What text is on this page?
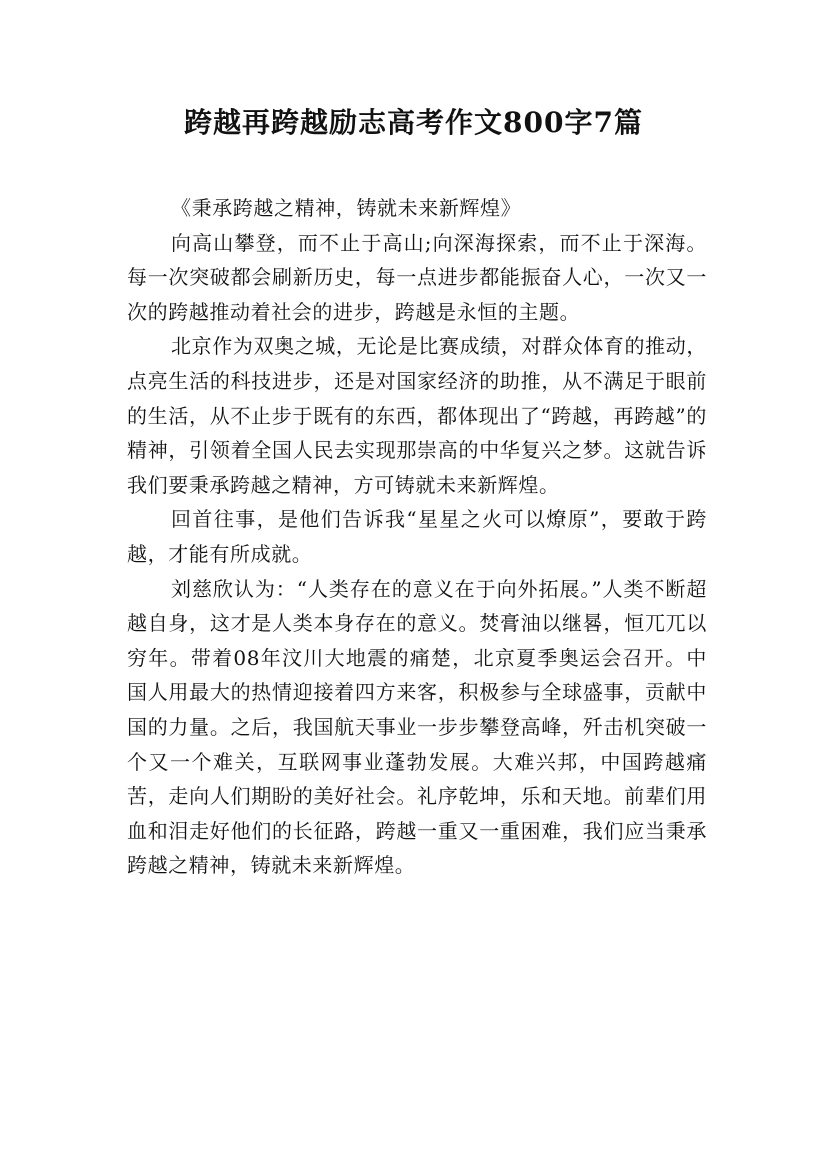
跨越再跨越励志高考作文800字7篇

《秉承跨越之精神，铸就未来新辉煌》

向高山攀登，而不止于高山;向深海探索，而不止于深海。每一次突破都会刷新历史，每一点进步都能振奋人心，一次又一次的跨越推动着社会的进步，跨越是永恒的主题。

北京作为双奥之城，无论是比赛成绩，对群众体育的推动，点亮生活的科技进步，还是对国家经济的助推，从不满足于眼前的生活，从不止步于既有的东西，都体现出了“跨越，再跨越”的精神，引领着全国人民去实现那崇高的中华复兴之梦。这就告诉我们要秉承跨越之精神，方可铸就未来新辉煌。

回首往事，是他们告诉我“星星之火可以燎原”，要敢于跨越，才能有所成就。

刘慈欣认为：“人类存在的意义在于向外拓展。”人类不断超越自身，这才是人类本身存在的意义。焚膏油以继晷，恒兀兀以穷年。带着08年汶川大地震的痛楚，北京夏季奥运会召开。中国人用最大的热情迎接着四方来客，积极参与全球盛事，贡献中国的力量。之后，我国航天事业一步步攀登高峰，歼击机突破一个又一个难关，互联网事业蓬勃发展。大难兴邦，中国跨越痛苦，走向人们期盼的美好社会。礼序乾坤，乐和天地。前辈们用血和泪走好他们的长征路，跨越一重又一重困难，我们应当秉承跨越之精神，铸就未来新辉煌。
